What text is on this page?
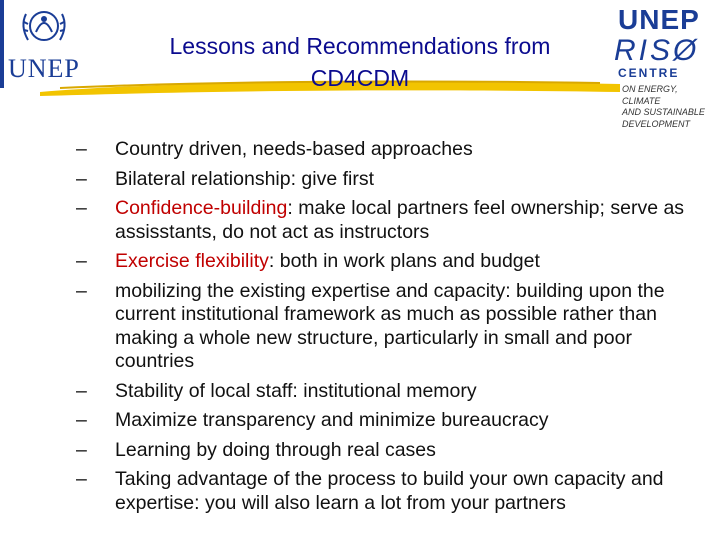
UNEP
Lessons and Recommendations from
CD4CDM
UNEP
RISØ
CENTRE
ON ENERGY, CLIMATE
AND SUSTAINABLE
DEVELOPMENT
– Country driven, needs-based approaches
– Bilateral relationship: give first
– Confidence-building: make local partners feel ownership; serve as assisstants, do not act as instructors
– Exercise flexibility: both in work plans and budget
– mobilizing the existing expertise and capacity: building upon the current institutional framework as much as possible rather than making a whole new structure, particularly in small and poor countries
– Stability of local staff: institutional memory
– Maximize transparency and minimize bureaucracy
– Learning by doing through real cases
– Taking advantage of the process to build your own capacity and expertise: you will also learn a lot from your partners
